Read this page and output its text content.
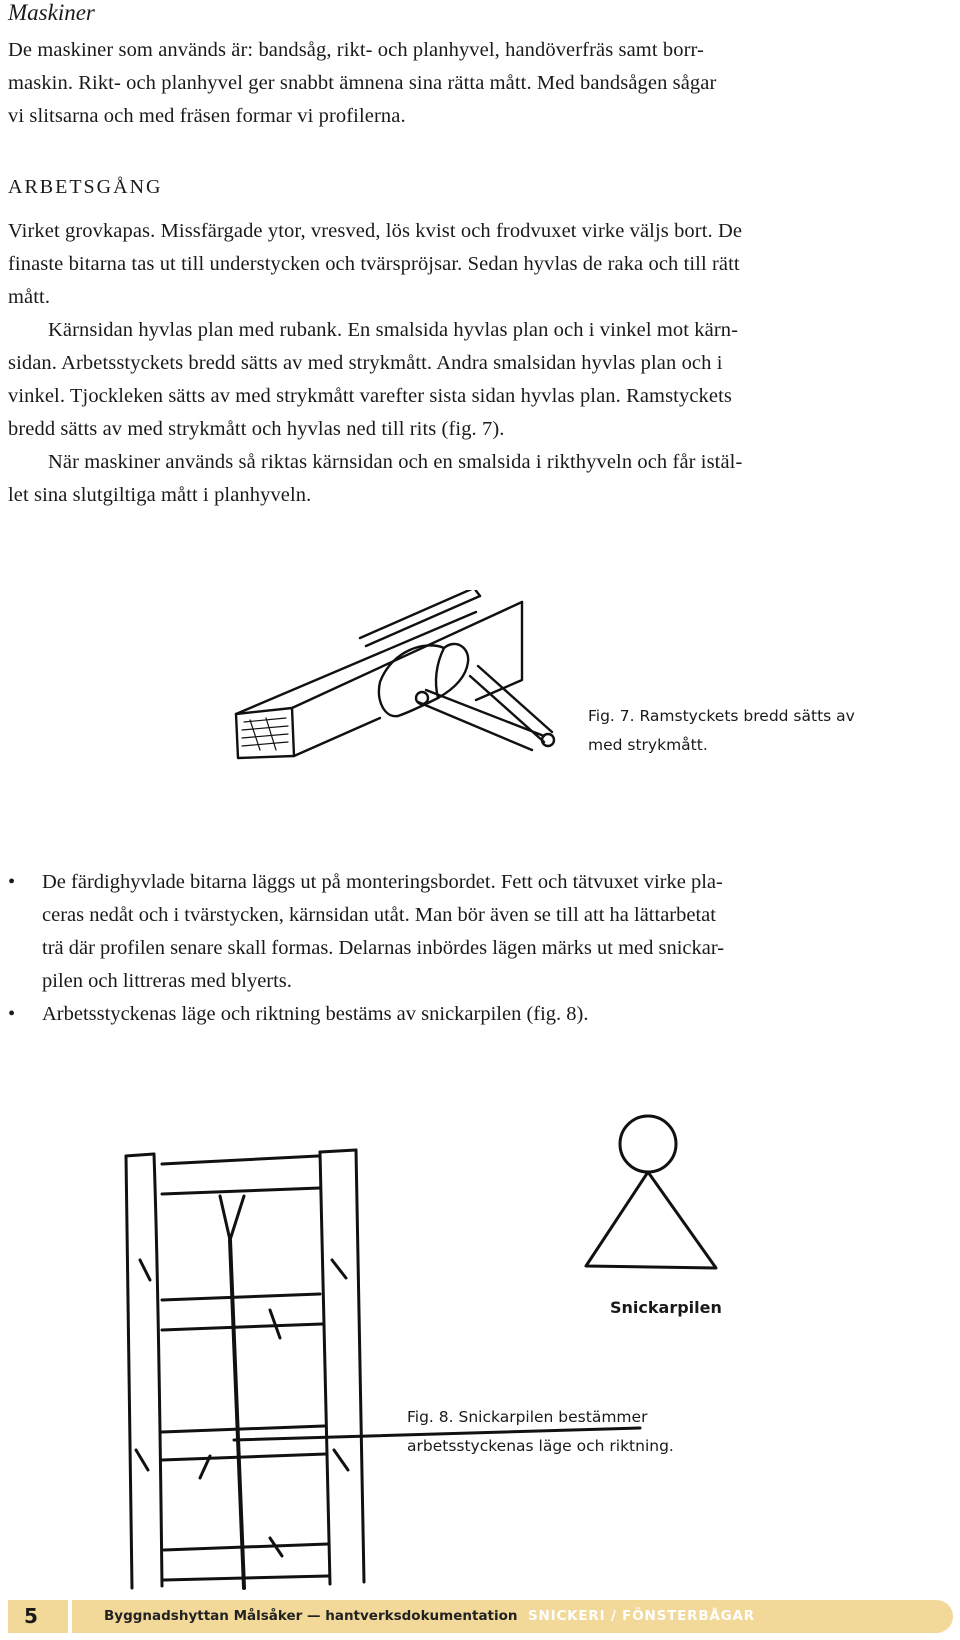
Maskiner

De maskiner som används är: bandsåg, rikt- och planhyvel, handöverfräs samt borr-

maskin. Rikt- och planhyvel ger snabbt ämnena sina rätta mått. Med bandsågen sågar

vi slitsarna och med fräsen formar vi profilerna.

ARBETSGÅNG

Virket grovkapas. Missfärgade ytor, vresved, lös kvist och frodvuxet virke väljs bort. De

finaste bitarna tas ut till understycken och tvärspröjsar. Sedan hyvlas de raka och till rätt

mått.

Kärnsidan hyvlas plan med rubank. En smalsida hyvlas plan och i vinkel mot kärn-

sidan. Arbetsstyckets bredd sätts av med strykmått. Andra smalsidan hyvlas plan och i

vinkel. Tjockleken sätts av med strykmått varefter sista sidan hyvlas plan. Ramstyckets

bredd sätts av med strykmått och hyvlas ned till rits (fig. 7).

När maskiner används så riktas kärnsidan och en smalsida i rikthyveln och får istäl-

let sina slutgiltiga mått i planhyveln.

Fig. 7. Ramstyckets bredd sätts av
med strykmått.
• De färdighyvlade bitarna läggs ut på monteringsbordet. Fett och tätvuxet virke pla-
ceras nedåt och i tvärstycken, kärnsidan utåt. Man bör även se till att ha lättarbetat
trä där profilen senare skall formas. Delarnas inbördes lägen märks ut med snickar-
pilen och littreras med blyerts.
• Arbetsstyckenas läge och riktning bestäms av snickarpilen (fig. 8).
Snickarpilen
Fig. 8. Snickarpilen bestämmer
arbetsstyckenas läge och riktning.
5	Byggnadshyttan Målsåker — hantverksdokumentation SNICKERI / FÖNSTERBÅGAR
